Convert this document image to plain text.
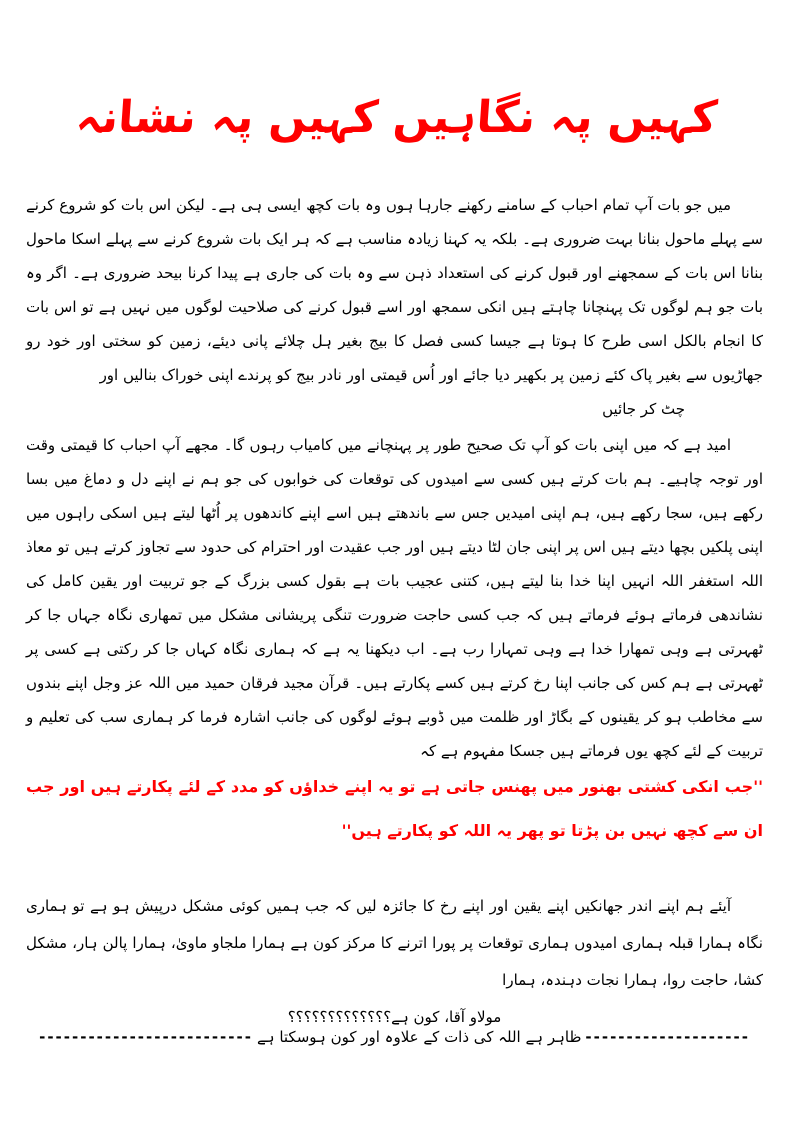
کہیں پہ نگاہیں کہیں پہ نشانہ

میں جو بات آپ تمام احباب کے سامنے رکھنے جارہا ہوں وہ بات کچھ ایسی ہی ہے۔ لیکن اس بات کو شروع کرنے سے پہلے ماحول بنانا بہت ضروری ہے۔ بلکہ یہ کہنا زیادہ مناسب ہے کہ ہر ایک بات شروع کرنے سے پہلے اسکا ماحول بنانا اس بات کے سمجھنے اور قبول کرنے کی استعداد ذہن سے وہ بات کی جاری ہے پیدا کرنا بیحد ضروری ہے۔ اگر وہ بات جو ہم لوگوں تک پہنچانا چاہتے ہیں انکی سمجھ اور اسے قبول کرنے کی صلاحیت لوگوں میں نہیں ہے تو اس بات کا انجام بالکل اسی طرح کا ہوتا ہے جیسا کسی فصل کا بیج بغیر ہل چلائے پانی دیئے، زمین کو سختی اور خود رو جھاڑیوں سے بغیر پاک کئے زمین پر بکھیر دیا جائے اور اُس قیمتی اور نادر بیج کو پرندے اپنی خوراک بنالیں اور
چٹ کر جائیں

امید ہے کہ میں اپنی بات کو آپ تک صحیح طور پر پہنچانے میں کامیاب رہوں گا۔ مجھے آپ احباب کا قیمتی وقت اور توجہ چاہیے۔ ہم بات کرتے ہیں کسی سے امیدوں کی توقعات کی خوابوں کی جو ہم نے اپنے دل و دماغ میں بسا رکھے ہیں، سجا رکھے ہیں، ہم اپنی امیدیں جس سے باندھتے ہیں اسے اپنے کاندھوں پر اُٹھا لیتے ہیں اسکی راہوں میں اپنی پلکیں بچھا دیتے ہیں اس پر اپنی جان لٹا دیتے ہیں اور جب عقیدت اور احترام کی حدود سے تجاوز کرتے ہیں تو معاذ اللہ استغفر اللہ انہیں اپنا خدا بنا لیتے ہیں، کتنی عجیب بات ہے بقول کسی بزرگ کے جو تربیت اور یقین کامل کی نشاندھی فرماتے ہوئے فرماتے ہیں کہ جب کسی حاجت ضرورت تنگی پریشانی مشکل میں تمھاری نگاہ جہاں جا کر ٹھہرتی ہے وہی تمھارا خدا ہے وہی تمہارا رب ہے۔ اب دیکھنا یہ ہے کہ ہماری نگاہ کہاں جا کر رکتی ہے کسی پر ٹھہرتی ہے ہم کس کی جانب اپنا رخ کرتے ہیں کسے پکارتے ہیں۔ قرآن مجید فرقان حمید میں اللہ عز وجل اپنے بندوں سے مخاطب ہو کر یقینوں کے بگاڑ اور ظلمت میں ڈوبے ہوئے لوگوں کی جانب اشارہ فرما کر ہماری سب کی تعلیم و تربیت کے لئے کچھ یوں فرماتے ہیں جسکا مفہوم ہے کہ

''جب انکی کشتی بھنور میں پھنس جاتی ہے تو یہ اپنے خداؤں کو مدد کے لئے پکارتے ہیں اور جب ان سے کچھ نہیں بن پڑتا تو پھر یہ اللہ کو پکارتے ہیں''

آیئے ہم اپنے اندر جھانکیں اپنے یقین اور اپنے رخ کا جائزہ لیں کہ جب ہمیں کوئی مشکل درپیش ہو ہے تو ہماری نگاہ ہمارا قبلہ ہماری امیدوں ہماری توقعات پر پورا اترنے کا مرکز کون ہے ہمارا ملجاو ماویٰ، ہمارا پالن ہار، مشکل کشا، حاجت روا، ہمارا نجات دہندہ، ہمارا
مولاو آقا، کون ہے؟؟؟؟؟؟؟؟؟؟؟؟؟

--------------------
ظاہر ہے اللہ کی ذات کے علاوہ اور کون ہوسکتا ہے
--------------------------
